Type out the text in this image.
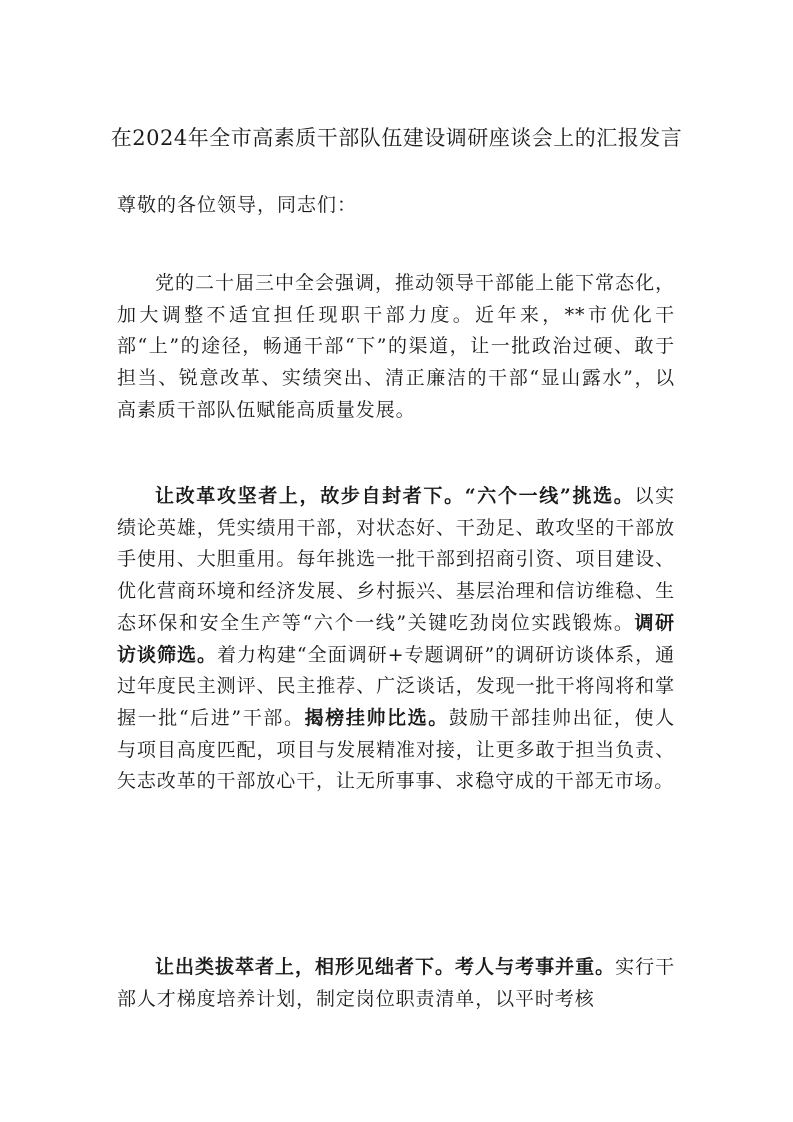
在2024年全市高素质干部队伍建设调研座谈会上的汇报发言

尊敬的各位领导，同志们：

党的二十届三中全会强调，推动领导干部能上能下常态化，加大调整不适宜担任现职干部力度。近年来，**市优化干部“上”的途径，畅通干部“下”的渠道，让一批政治过硬、敢于担当、锐意改革、实绩突出、清正廉洁的干部“显山露水”，以高素质干部队伍赋能高质量发展。

让改革攻坚者上，故步自封者下。“六个一线”挑选。以实绩论英雄，凭实绩用干部，对状态好、干劲足、敢攻坚的干部放手使用、大胆重用。每年挑选一批干部到招商引资、项目建设、优化营商环境和经济发展、乡村振兴、基层治理和信访维稳、生态环保和安全生产等“六个一线”关键吃劲岗位实践锻炼。调研访谈筛选。着力构建“全面调研+专题调研”的调研访谈体系，通过年度民主测评、民主推荐、广泛谈话，发现一批干将闯将和掌握一批“后进”干部。揭榜挂帅比选。鼓励干部挂帅出征，使人与项目高度匹配，项目与发展精准对接，让更多敢于担当负责、矢志改革的干部放心干，让无所事事、求稳守成的干部无市场。

让出类拔萃者上，相形见绌者下。考人与考事并重。实行干部人才梯度培养计划，制定岗位职责清单，以平时考核
